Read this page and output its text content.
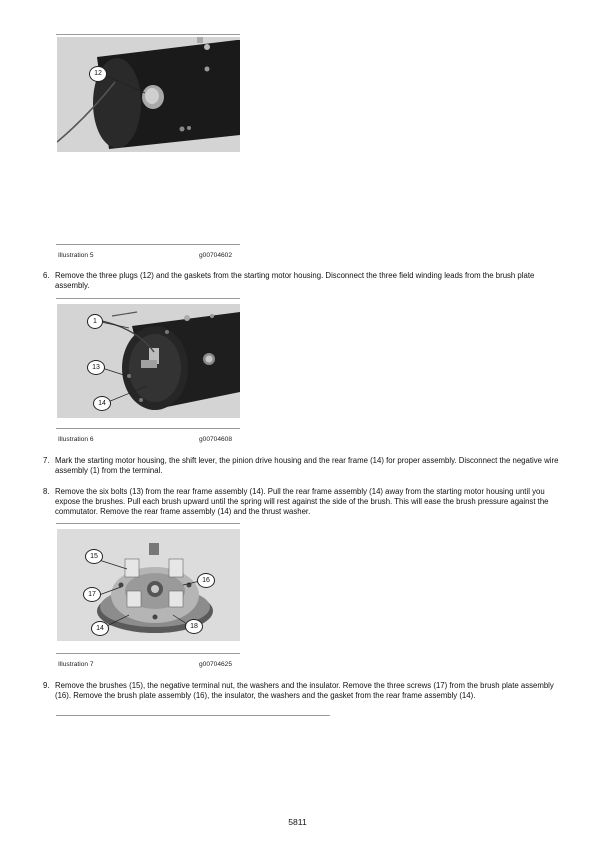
12
Illustration 5	g00704602
6. Remove the three plugs (12) and the gaskets from the starting motor housing. Disconnect the three field winding leads from the brush plate assembly.
1
13
14
Illustration 6	g00704608
7. Mark the starting motor housing, the shift lever, the pinion drive housing and the rear frame (14) for proper assembly. Disconnect the negative wire assembly (1) from the terminal.
8. Remove the six bolts (13) from the rear frame assembly (14). Pull the rear frame assembly (14) away from the starting motor housing until you expose the brushes. Pull each brush upward until the spring will rest against the side of the brush. This will ease the brush pressure against the commutator. Remove the rear frame assembly (14) and the thrust washer.
15
16
17
14	18
Illustration 7	g00704625
9. Remove the brushes (15), the negative terminal nut, the washers and the insulator. Remove the three screws (17) from the brush plate assembly (16). Remove the brush plate assembly (16), the insulator, the washers and the gasket from the rear frame assembly (14).
5811
